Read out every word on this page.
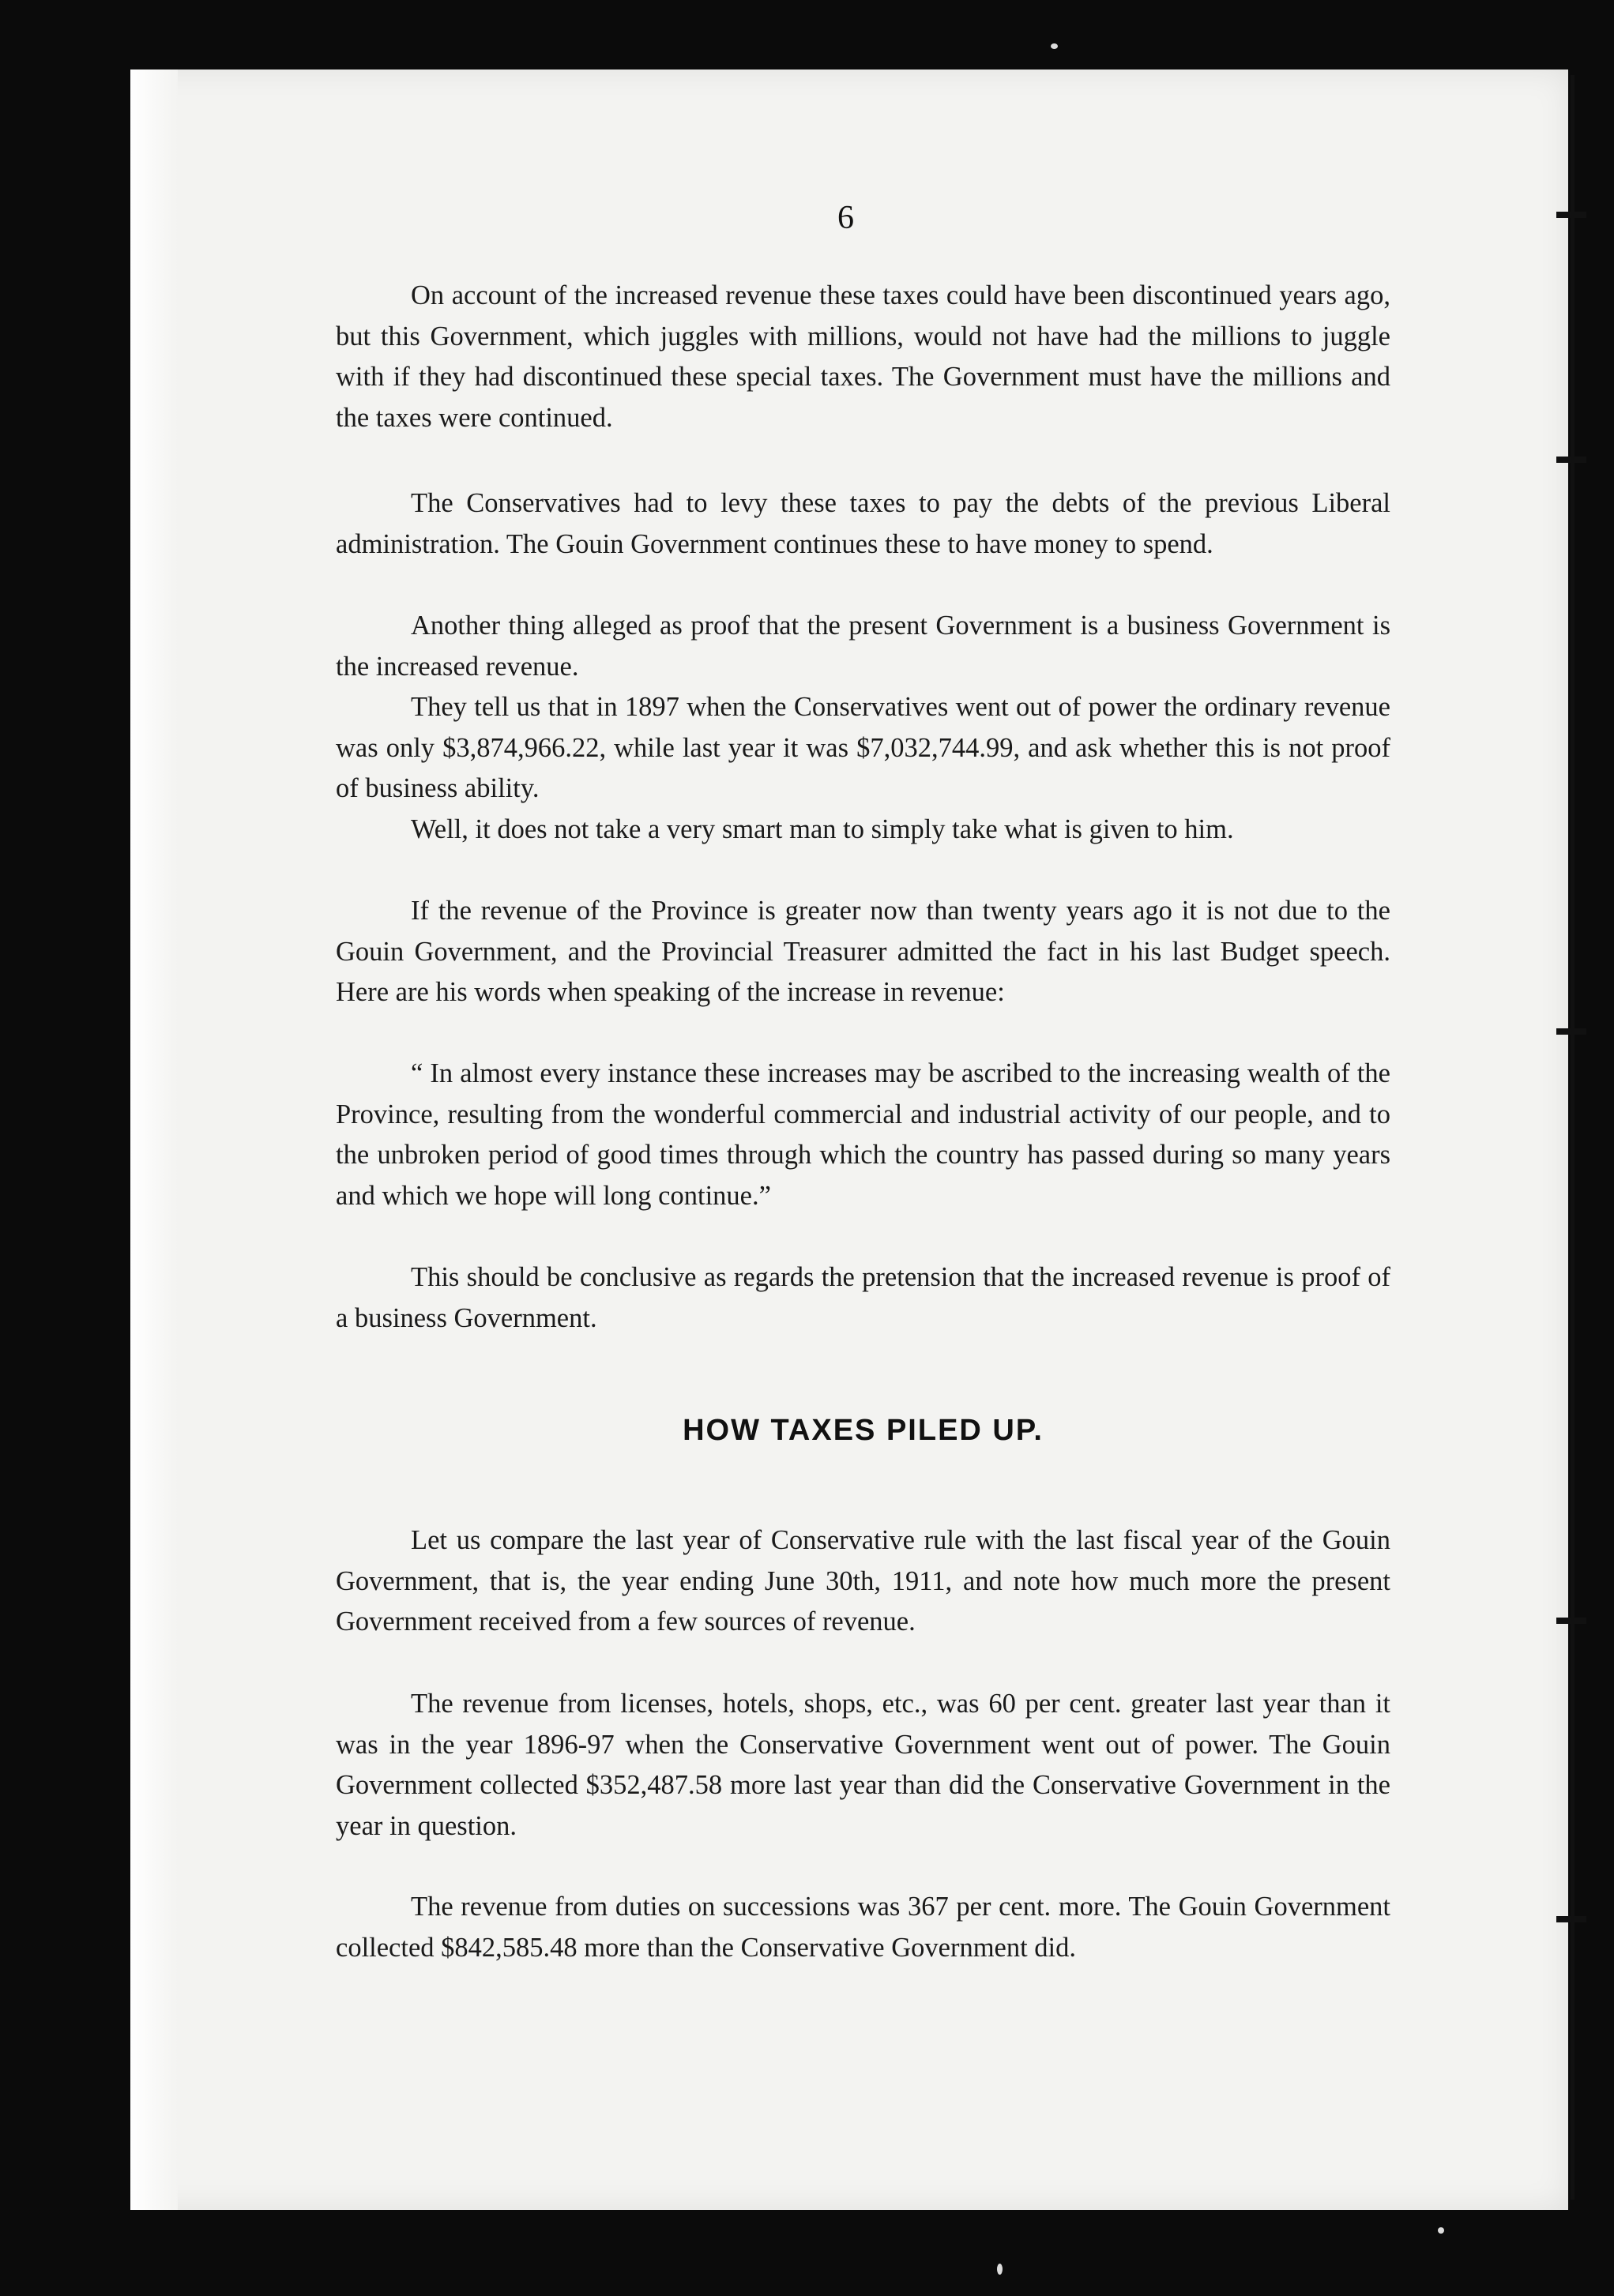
6

On account of the increased revenue these taxes could have been discontinued years ago, but this Government, which juggles with millions, would not have had the millions to juggle with if they had discontinued these special taxes. The Government must have the millions and the taxes were continued.

The Conservatives had to levy these taxes to pay the debts of the previous Liberal administration. The Gouin Government continues these to have money to spend.

Another thing alleged as proof that the present Government is a business Government is the increased revenue.

They tell us that in 1897 when the Conservatives went out of power the ordinary revenue was only $3,874,966.22, while last year it was $7,032,744.99, and ask whether this is not proof of business ability.

Well, it does not take a very smart man to simply take what is given to him.

If the revenue of the Province is greater now than twenty years ago it is not due to the Gouin Government, and the Provincial Treasurer admitted the fact in his last Budget speech. Here are his words when speaking of the increase in revenue:

“ In almost every instance these increases may be ascribed to the increasing wealth of the Province, resulting from the wonderful commercial and industrial activity of our people, and to the unbroken period of good times through which the country has passed during so many years and which we hope will long continue.”

This should be conclusive as regards the pretension that the increased revenue is proof of a business Government.

HOW TAXES PILED UP.

Let us compare the last year of Conservative rule with the last fiscal year of the Gouin Government, that is, the year ending June 30th, 1911, and note how much more the present Government received from a few sources of revenue.

The revenue from licenses, hotels, shops, etc., was 60 per cent. greater last year than it was in the year 1896-97 when the Conservative Government went out of power. The Gouin Government collected $352,487.58 more last year than did the Conservative Government in the year in question.

The revenue from duties on successions was 367 per cent. more. The Gouin Government collected $842,585.48 more than the Conservative Government did.
